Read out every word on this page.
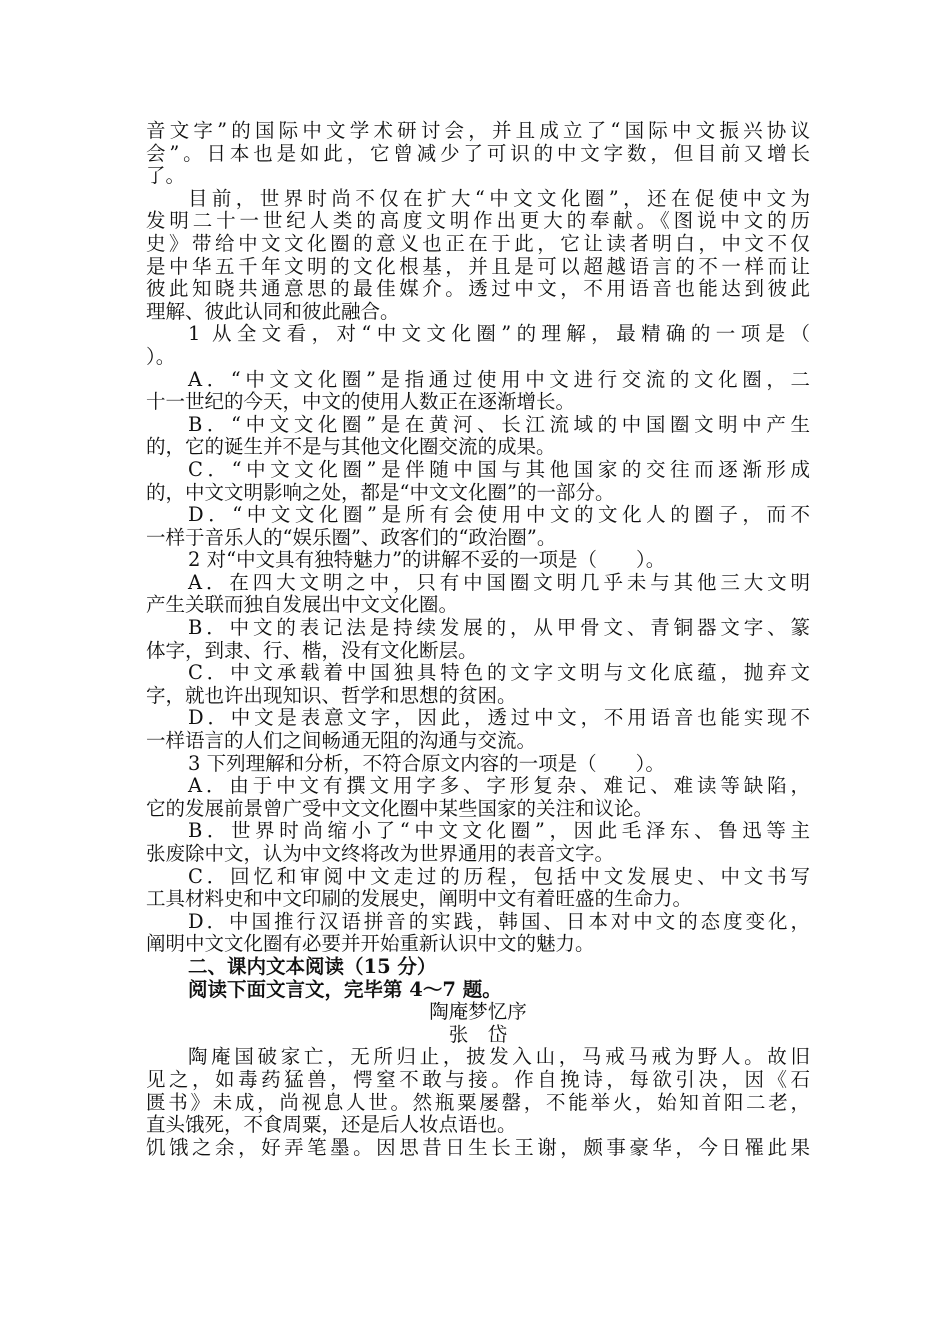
音文字”的国际中文学术研讨会，并且成立了“国际中文振兴协议
会”。日本也是如此，它曾减少了可识的中文字数，但目前又增长
了。
目前，世界时尚不仅在扩大“中文文化圈”，还在促使中文为
发明二十一世纪人类的高度文明作出更大的奉献。《图说中文的历
史》带给中文文化圈的意义也正在于此，它让读者明白，中文不仅
是中华五千年文明的文化根基，并且是可以超越语言的不一样而让
彼此知晓共通意思的最佳媒介。透过中文，不用语音也能达到彼此
理解、彼此认同和彼此融合。
1 从全文看，对“中文文化圈”的理解，最精确的一项是（
）。
A．“中文文化圈”是指通过使用中文进行交流的文化圈，二
十一世纪的今天，中文的使用人数正在逐渐增长。
B．“中文文化圈”是在黄河、长江流域的中国圈文明中产生
的，它的诞生并不是与其他文化圈交流的成果。
C．“中文文化圈”是伴随中国与其他国家的交往而逐渐形成
的，中文文明影响之处，都是“中文文化圈”的一部分。
D．“中文文化圈”是所有会使用中文的文化人的圈子，而不
一样于音乐人的“娱乐圈”、政客们的“政治圈”。
2 对“中文具有独特魅力”的讲解不妥的一项是（　　）。
A．在四大文明之中，只有中国圈文明几乎未与其他三大文明
产生关联而独自发展出中文文化圈。
B．中文的表记法是持续发展的，从甲骨文、青铜器文字、篆
体字，到隶、行、楷，没有文化断层。
C．中文承载着中国独具特色的文字文明与文化底蕴，抛弃文
字，就也许出现知识、哲学和思想的贫困。
D．中文是表意文字，因此，透过中文，不用语音也能实现不
一样语言的人们之间畅通无阻的沟通与交流。
3 下列理解和分析，不符合原文内容的一项是（　　）。
A．由于中文有撰文用字多、字形复杂、难记、难读等缺陷，
它的发展前景曾广受中文文化圈中某些国家的关注和议论。
B．世界时尚缩小了“中文文化圈”，因此毛泽东、鲁迅等主
张废除中文，认为中文终将改为世界通用的表音文字。
C．回忆和审阅中文走过的历程，包括中文发展史、中文书写
工具材料史和中文印刷的发展史，阐明中文有着旺盛的生命力。
D．中国推行汉语拼音的实践，韩国、日本对中文的态度变化，
阐明中文文化圈有必要并开始重新认识中文的魅力。
二、课内文本阅读（15 分）
阅读下面文言文，完毕第 4～7 题。
陶庵梦忆序
张　岱
陶庵国破家亡，无所归止，披发入山，马戒马戒为野人。故旧
见之，如毒药猛兽，愕窒不敢与接。作自挽诗，每欲引决，因《石
匮书》未成，尚视息人世。然瓶粟屡罄，不能举火，始知首阳二老，
直头饿死，不食周粟，还是后人妆点语也。
饥饿之余，好弄笔墨。因思昔日生长王谢，颇事豪华，今日罹此果
